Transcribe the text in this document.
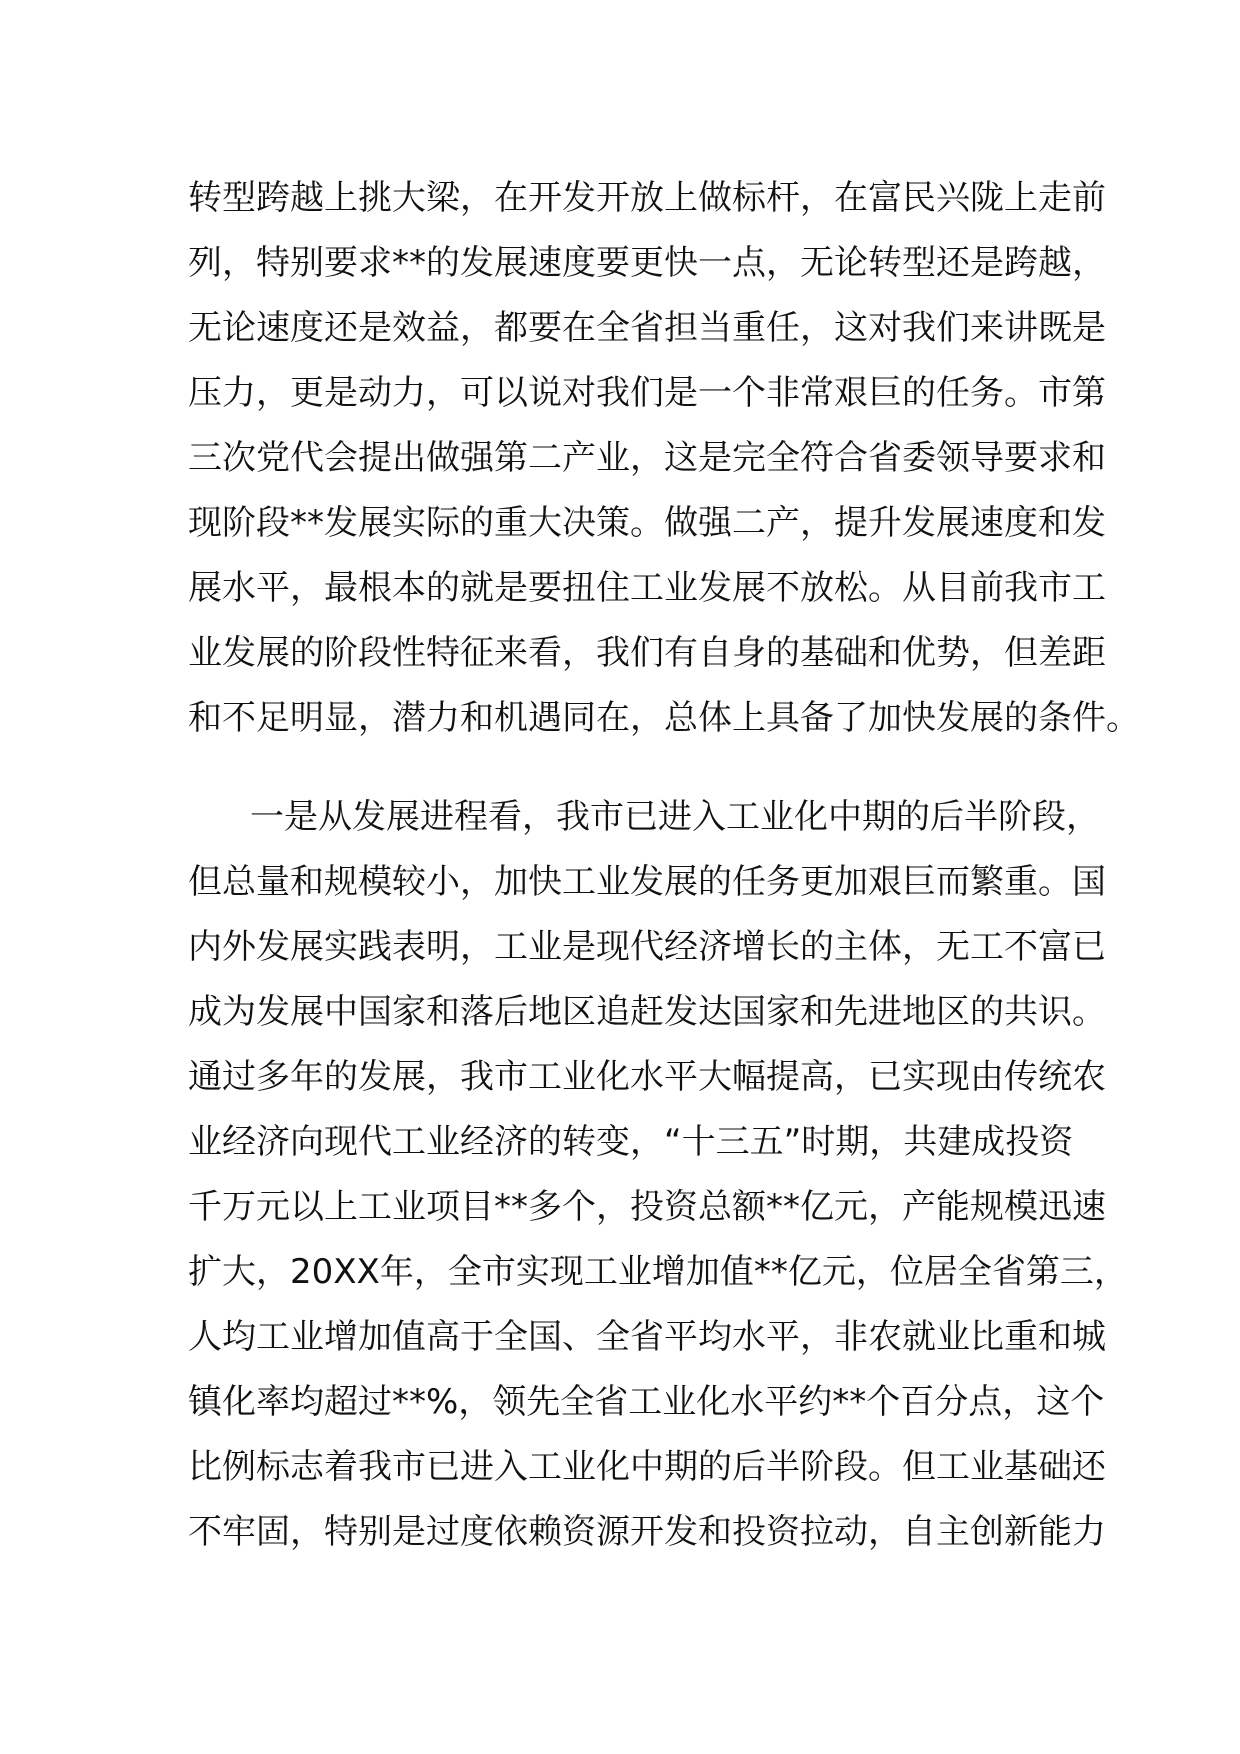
转型跨越上挑大梁，在开发开放上做标杆，在富民兴陇上走前
列，特别要求**的发展速度要更快一点，无论转型还是跨越，
无论速度还是效益，都要在全省担当重任，这对我们来讲既是
压力，更是动力，可以说对我们是一个非常艰巨的任务。市第
三次党代会提出做强第二产业，这是完全符合省委领导要求和
现阶段**发展实际的重大决策。做强二产，提升发展速度和发
展水平，最根本的就是要扭住工业发展不放松。从目前我市工
业发展的阶段性特征来看，我们有自身的基础和优势，但差距
和不足明显，潜力和机遇同在，总体上具备了加快发展的条件。
一是从发展进程看，我市已进入工业化中期的后半阶段，
但总量和规模较小，加快工业发展的任务更加艰巨而繁重。国
内外发展实践表明，工业是现代经济增长的主体，无工不富已
成为发展中国家和落后地区追赶发达国家和先进地区的共识。
通过多年的发展，我市工业化水平大幅提高，已实现由传统农
业经济向现代工业经济的转变，“十三五”时期，共建成投资
千万元以上工业项目**多个，投资总额**亿元，产能规模迅速
扩大，20XX年，全市实现工业增加值**亿元，位居全省第三，
人均工业增加值高于全国、全省平均水平，非农就业比重和城
镇化率均超过**%，领先全省工业化水平约**个百分点，这个
比例标志着我市已进入工业化中期的后半阶段。但工业基础还
不牢固，特别是过度依赖资源开发和投资拉动，自主创新能力
